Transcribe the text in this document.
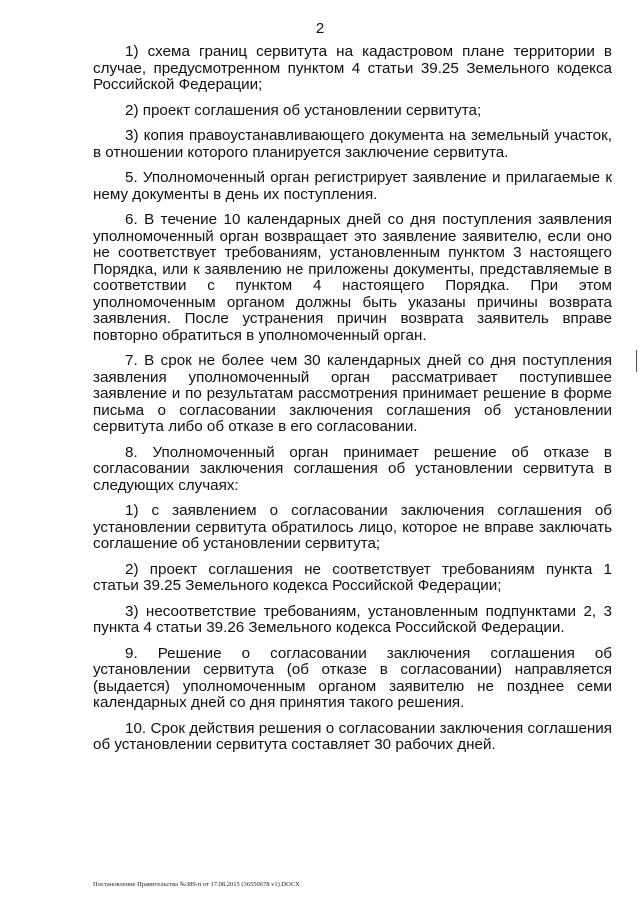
2

1) схема границ сервитута на кадастровом плане территории в случае, предусмотренном пунктом 4 статьи 39.25 Земельного кодекса Российской Федерации;

2) проект соглашения об установлении сервитута;

3) копия правоустанавливающего документа на земельный участок, в отношении которого планируется заключение сервитута.

5. Уполномоченный орган регистрирует заявление и прилагаемые к нему документы в день их поступления.

6. В течение 10 календарных дней со дня поступления заявления уполномоченный орган возвращает это заявление заявителю, если оно не соответствует требованиям, установленным пунктом 3 настоящего Порядка, или к заявлению не приложены документы, представляемые в соответствии с пунктом 4 настоящего Порядка. При этом уполномоченным органом должны быть указаны причины возврата заявления. После устранения причин возврата заявитель вправе повторно обратиться в уполномоченный орган.

7. В срок не более чем 30 календарных дней со дня поступления заявления уполномоченный орган рассматривает поступившее заявление и по результатам рассмотрения принимает решение в форме письма о согласовании заключения соглашения об установлении сервитута либо об отказе в его согласовании.

8. Уполномоченный орган принимает решение об отказе в согласовании заключения соглашения об установлении сервитута в следующих случаях:

1) с заявлением о согласовании заключения соглашения об установлении сервитута обратилось лицо, которое не вправе заключать соглашение об установлении сервитута;

2) проект соглашения не соответствует требованиям пункта 1 статьи 39.25 Земельного кодекса Российской Федерации;

3) несоответствие требованиям, установленным подпунктами 2, 3 пункта 4 статьи 39.26 Земельного кодекса Российской Федерации.

9. Решение о согласовании заключения соглашения об установлении сервитута (об отказе в согласовании) направляется (выдается) уполномоченным органом заявителю не позднее семи календарных дней со дня принятия такого решения.

10. Срок действия решения о согласовании заключения соглашения об установлении сервитута составляет 30 рабочих дней.

Постановление Правительства №389-п от 17.08.2015 (36550678 v1).DOCX
